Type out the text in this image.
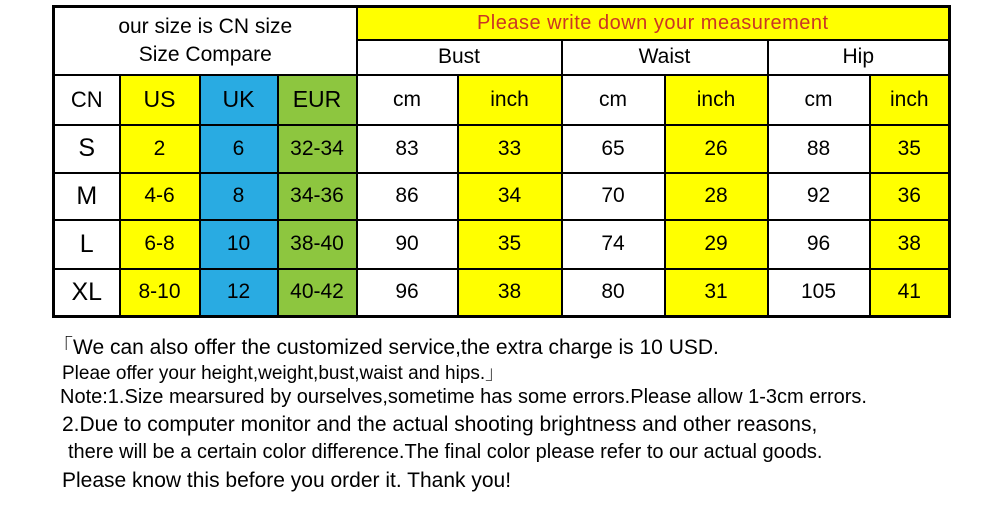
our size is CN size
Size Compare				Please write down your measurement					
				Bust		Waist		Hip	
CN	US	UK	EUR	cm	inch	cm	inch	cm	inch
S	2	6	32-34	83	33	65	26	88	35
M	4-6	8	34-36	86	34	70	28	92	36
L	6-8	10	38-40	90	35	74	29	96	38
XL	8-10	12	40-42	96	38	80	31	105	41
「We can also offer the customized service,the extra charge is 10 USD.
Pleae offer your height,weight,bust,waist and hips.」
Note:1.Size mearsured by ourselves,sometime has some errors.Please allow 1-3cm errors.
2.Due to computer monitor and the actual shooting brightness and other reasons,
there will be a certain color difference.The final color please refer to our actual goods.
Please know this before you order it. Thank you!
